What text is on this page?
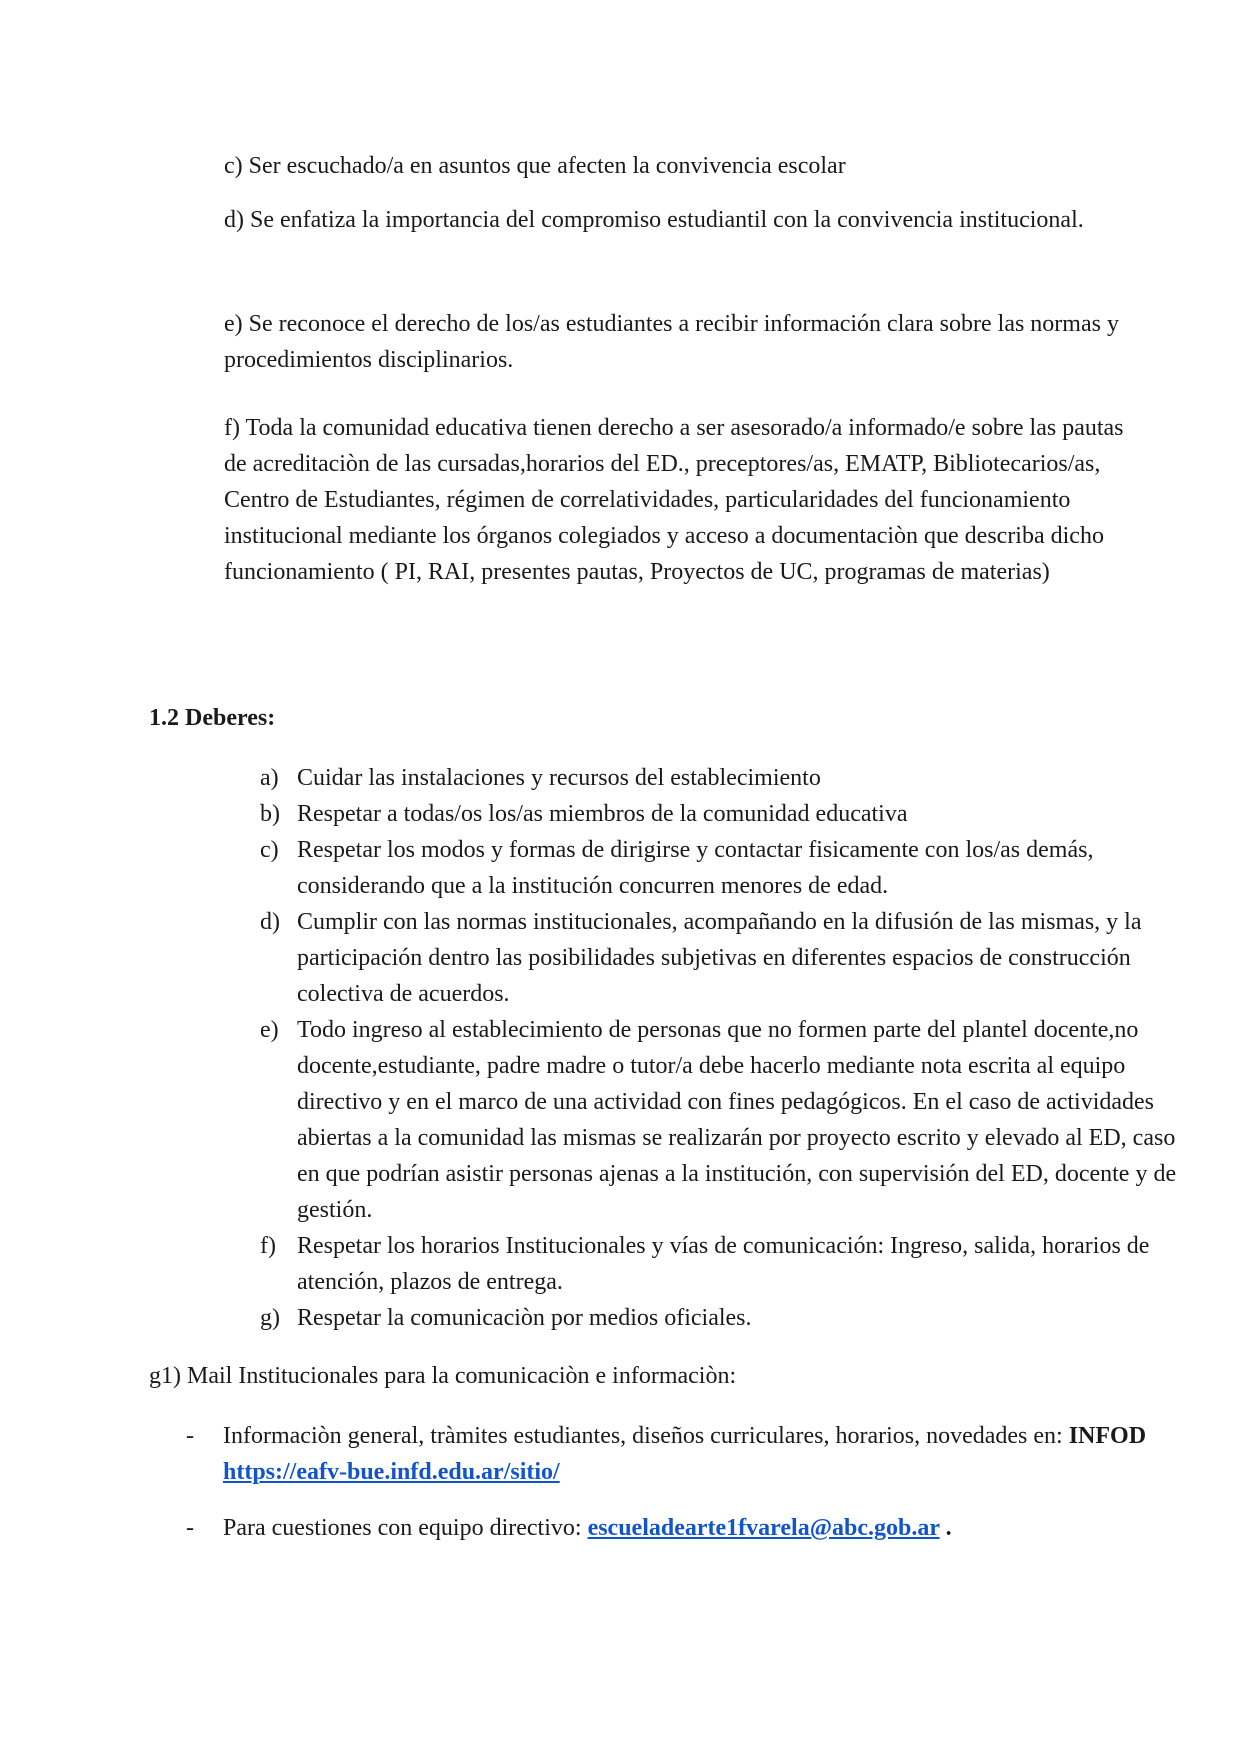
c) Ser escuchado/a en asuntos que afecten la convivencia escolar

d) Se enfatiza la importancia del compromiso estudiantil con la convivencia institucional.

e) Se reconoce el derecho de los/as estudiantes a recibir información clara sobre las normas y procedimientos disciplinarios.

f) Toda la comunidad educativa tienen derecho a ser asesorado/a informado/e sobre las pautas de acreditaciòn de las cursadas,horarios del ED., preceptores/as, EMATP, Bibliotecarios/as, Centro de Estudiantes, régimen de correlatividades, particularidades del funcionamiento institucional mediante los órganos colegiados y acceso a documentaciòn que describa dicho funcionamiento ( PI, RAI, presentes pautas, Proyectos de UC, programas de materias)

1.2 Deberes:

a) Cuidar las instalaciones y recursos del establecimiento
b) Respetar a todas/os los/as miembros de la comunidad educativa
c) Respetar los modos y formas de dirigirse y contactar fisicamente con los/as demás, considerando que a la institución concurren menores de edad.
d) Cumplir con las normas institucionales, acompañando en la difusión de las mismas, y la participación dentro las posibilidades subjetivas en diferentes espacios de construcción colectiva de acuerdos.
e) Todo ingreso al establecimiento de personas que no formen parte del plantel docente,no docente,estudiante, padre madre o tutor/a debe hacerlo mediante nota escrita al equipo directivo y en el marco de una actividad con fines pedagógicos. En el caso de actividades abiertas a la comunidad las mismas se realizarán por proyecto escrito y elevado al ED, caso en que podrían asistir personas ajenas a la institución, con supervisión del ED, docente y de gestión.
f) Respetar los horarios Institucionales y vías de comunicación: Ingreso, salida, horarios de atención, plazos de entrega.
g) Respetar la comunicaciòn por medios oficiales.

g1) Mail Institucionales para la comunicaciòn e informaciòn:

- Informaciòn general, tràmites estudiantes, diseños curriculares, horarios, novedades en: INFOD https://eafv-bue.infd.edu.ar/sitio/
- Para cuestiones con equipo directivo: escueladearte1fvarela@abc.gob.ar .
